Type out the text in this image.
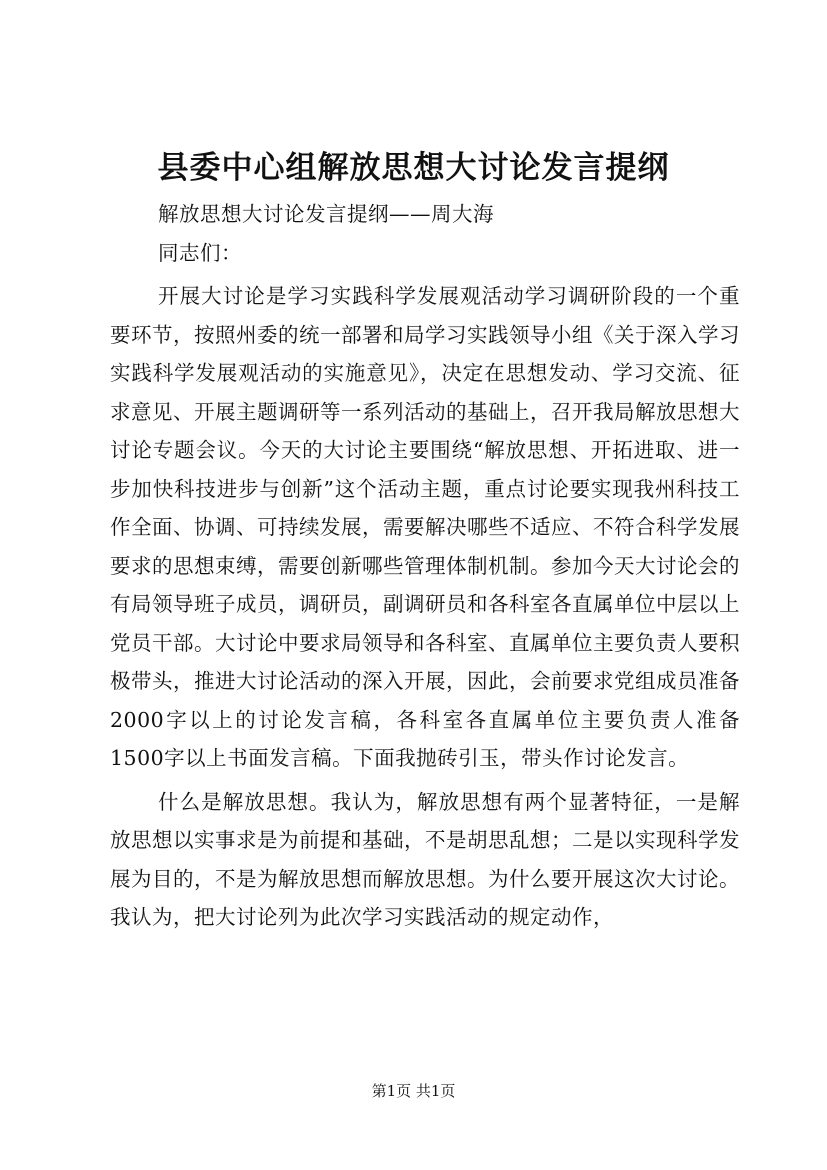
县委中心组解放思想大讨论发言提纲

解放思想大讨论发言提纲——周大海

同志们：

开展大讨论是学习实践科学发展观活动学习调研阶段的一个重要环节，按照州委的统一部署和局学习实践领导小组《关于深入学习实践科学发展观活动的实施意见》，决定在思想发动、学习交流、征求意见、开展主题调研等一系列活动的基础上，召开我局解放思想大讨论专题会议。今天的大讨论主要围绕“解放思想、开拓进取、进一步加快科技进步与创新”这个活动主题，重点讨论要实现我州科技工作全面、协调、可持续发展，需要解决哪些不适应、不符合科学发展要求的思想束缚，需要创新哪些管理体制机制。参加今天大讨论会的有局领导班子成员，调研员，副调研员和各科室各直属单位中层以上党员干部。大讨论中要求局领导和各科室、直属单位主要负责人要积极带头，推进大讨论活动的深入开展，因此，会前要求党组成员准备2000字以上的讨论发言稿，各科室各直属单位主要负责人准备1500字以上书面发言稿。下面我抛砖引玉，带头作讨论发言。

什么是解放思想。我认为，解放思想有两个显著特征，一是解放思想以实事求是为前提和基础，不是胡思乱想；二是以实现科学发展为目的，不是为解放思想而解放思想。为什么要开展这次大讨论。我认为，把大讨论列为此次学习实践活动的规定动作，

第1页 共1页
